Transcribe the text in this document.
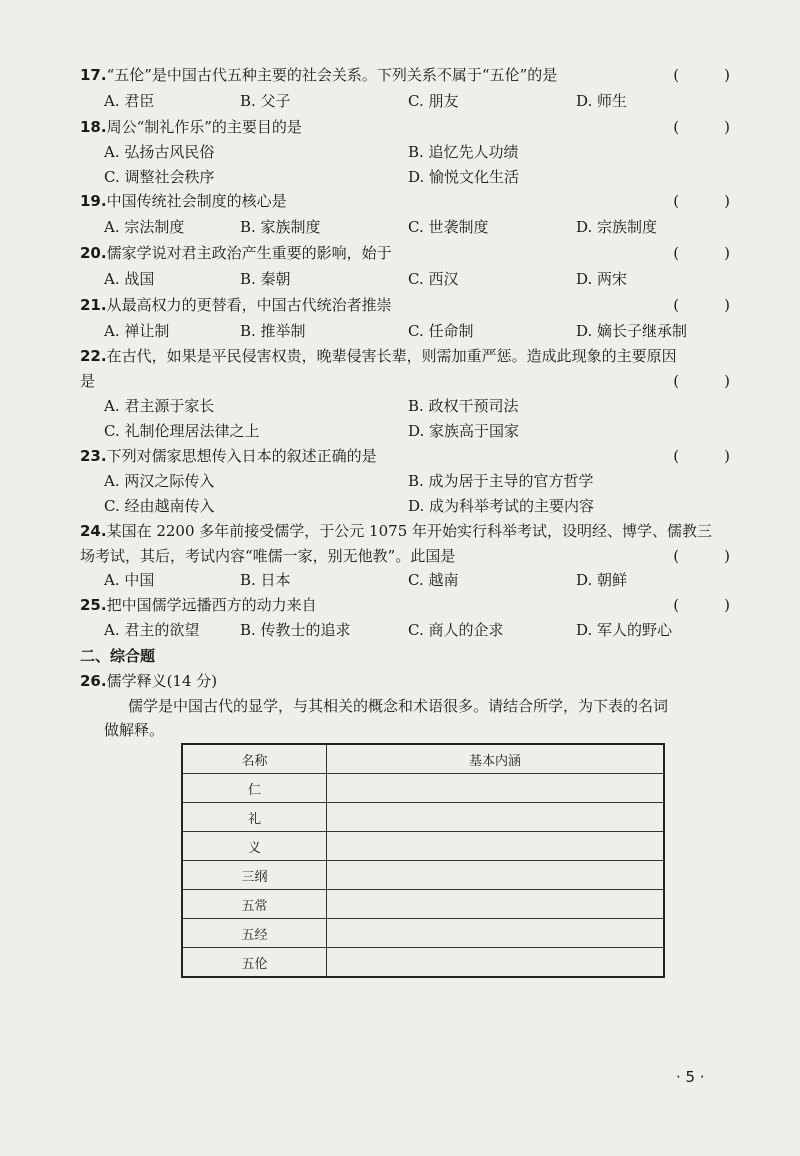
17.“五伦”是中国古代五种主要的社会关系。下列关系不属于“五伦”的是	(　　　)
A. 君臣	B. 父子	C. 朋友	D. 师生
18.周公“制礼作乐”的主要目的是	(　　　)
A. 弘扬古风民俗	B. 追忆先人功绩
C. 调整社会秩序	D. 愉悦文化生活
19.中国传统社会制度的核心是	(　　　)
A. 宗法制度	B. 家族制度	C. 世袭制度	D. 宗族制度
20.儒家学说对君主政治产生重要的影响，始于	(　　　)
A. 战国	B. 秦朝	C. 西汉	D. 两宋
21.从最高权力的更替看，中国古代统治者推崇	(　　　)
A. 禅让制	B. 推举制	C. 任命制	D. 嫡长子继承制
22.在古代，如果是平民侵害权贵，晚辈侵害长辈，则需加重严惩。造成此现象的主要原因
是	(　　　)
A. 君主源于家长	B. 政权干预司法
C. 礼制伦理居法律之上	D. 家族高于国家
23.下列对儒家思想传入日本的叙述正确的是	(　　　)
A. 两汉之际传入	B. 成为居于主导的官方哲学
C. 经由越南传入	D. 成为科举考试的主要内容
24.某国在 2200 多年前接受儒学，于公元 1075 年开始实行科举考试，设明经、博学、儒教三
场考试，其后，考试内容“唯儒一家，别无他教”。此国是	(　　　)
A. 中国	B. 日本	C. 越南	D. 朝鲜
25.把中国儒学远播西方的动力来自	(　　　)
A. 君主的欲望	B. 传教士的追求	C. 商人的企求	D. 军人的野心
二、综合题
26.儒学释义(14 分)
儒学是中国古代的显学，与其相关的概念和术语很多。请结合所学，为下表的名词
做解释。
名称	基本内涵
仁	
礼	
义	
三纲	
五常	
五经	
五伦	
· 5 ·
